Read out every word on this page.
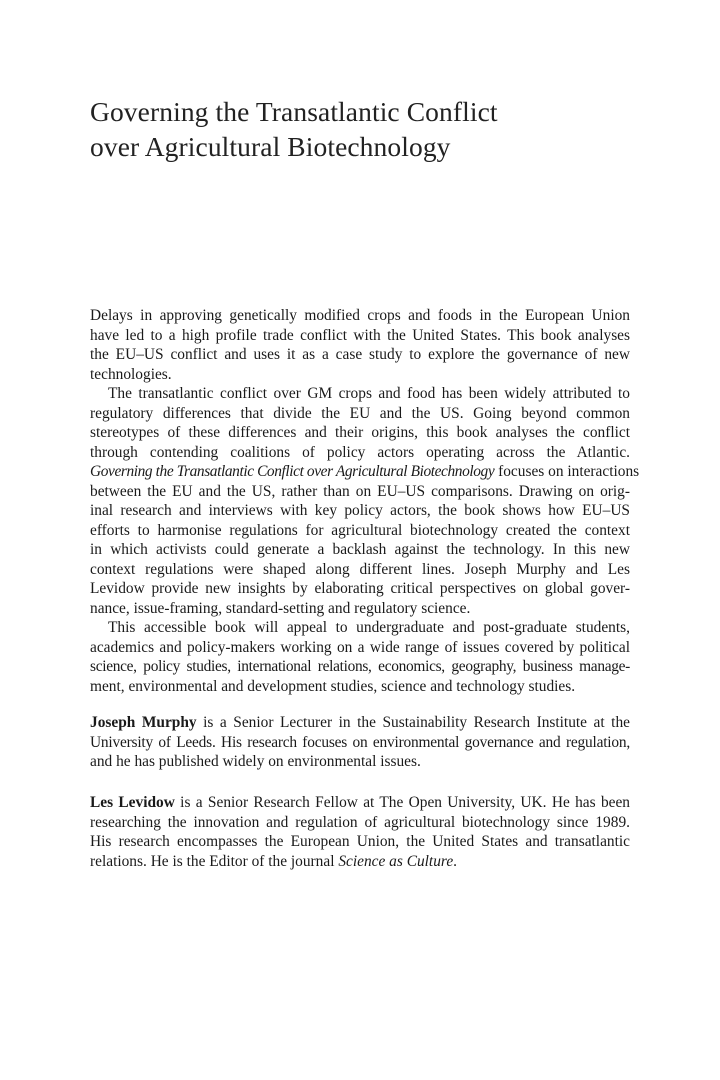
Governing the Transatlantic Conflict
over Agricultural Biotechnology
Delays in approving genetically modified crops and foods in the European Union
have led to a high profile trade conflict with the United States. This book analyses
the EU–US conflict and uses it as a case study to explore the governance of new
technologies.
The transatlantic conflict over GM crops and food has been widely attributed to
regulatory differences that divide the EU and the US. Going beyond common
stereotypes of these differences and their origins, this book analyses the conflict
through contending coalitions of policy actors operating across the Atlantic.
Governing the Transatlantic Conflict over Agricultural Biotechnology focuses on interactions
between the EU and the US, rather than on EU–US comparisons. Drawing on orig-
inal research and interviews with key policy actors, the book shows how EU–US
efforts to harmonise regulations for agricultural biotechnology created the context
in which activists could generate a backlash against the technology. In this new
context regulations were shaped along different lines. Joseph Murphy and Les
Levidow provide new insights by elaborating critical perspectives on global gover-
nance, issue-framing, standard-setting and regulatory science.
This accessible book will appeal to undergraduate and post-graduate students,
academics and policy-makers working on a wide range of issues covered by political
science, policy studies, international relations, economics, geography, business manage-
ment, environmental and development studies, science and technology studies.
Joseph Murphy is a Senior Lecturer in the Sustainability Research Institute at the
University of Leeds. His research focuses on environmental governance and regulation,
and he has published widely on environmental issues.
Les Levidow is a Senior Research Fellow at The Open University, UK. He has been
researching the innovation and regulation of agricultural biotechnology since 1989.
His research encompasses the European Union, the United States and transatlantic
relations. He is the Editor of the journal Science as Culture.
